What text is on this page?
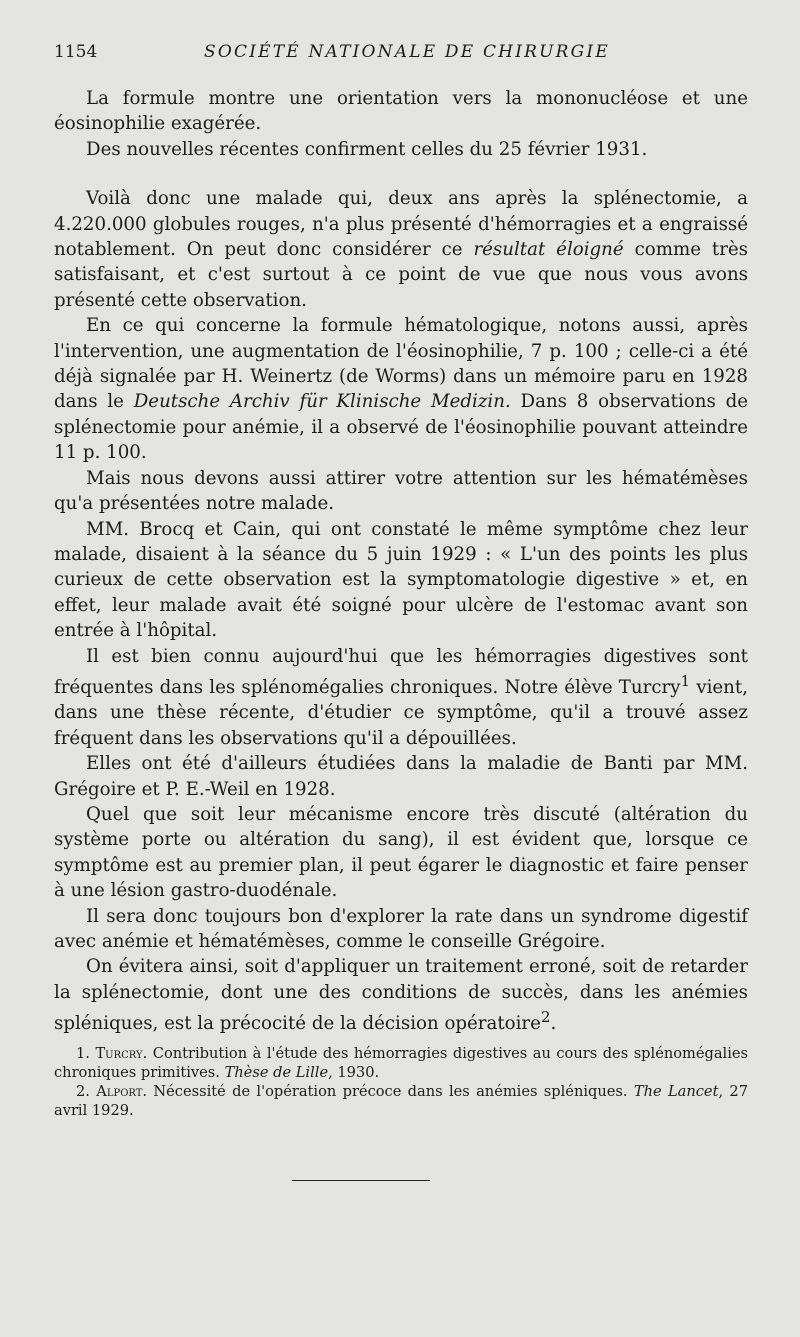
1154	SOCIÉTÉ NATIONALE DE CHIRURGIE

La formule montre une orientation vers la mononucléose et une éosinophilie exagérée.

Des nouvelles récentes confirment celles du 25 février 1931.

Voilà donc une malade qui, deux ans après la splénectomie, a 4.220.000 globules rouges, n'a plus présenté d'hémorragies et a engraissé notablement. On peut donc considérer ce résultat éloigné comme très satisfaisant, et c'est surtout à ce point de vue que nous vous avons présenté cette observation.

En ce qui concerne la formule hématologique, notons aussi, après l'intervention, une augmentation de l'éosinophilie, 7 p. 100 ; celle-ci a été déjà signalée par H. Weinertz (de Worms) dans un mémoire paru en 1928 dans le Deutsche Archiv für Klinische Medizin. Dans 8 observations de splénectomie pour anémie, il a observé de l'éosinophilie pouvant atteindre 11 p. 100.

Mais nous devons aussi attirer votre attention sur les hématémèses qu'a présentées notre malade.

MM. Brocq et Cain, qui ont constaté le même symptôme chez leur malade, disaient à la séance du 5 juin 1929 : « L'un des points les plus curieux de cette observation est la symptomatologie digestive » et, en effet, leur malade avait été soigné pour ulcère de l'estomac avant son entrée à l'hôpital.

Il est bien connu aujourd'hui que les hémorragies digestives sont fréquentes dans les splénomégalies chroniques. Notre élève Turcry$^1$ vient, dans une thèse récente, d'étudier ce symptôme, qu'il a trouvé assez fréquent dans les observations qu'il a dépouillées.

Elles ont été d'ailleurs étudiées dans la maladie de Banti par MM. Grégoire et P. E.-Weil en 1928.

Quel que soit leur mécanisme encore très discuté (altération du système porte ou altération du sang), il est évident que, lorsque ce symptôme est au premier plan, il peut égarer le diagnostic et faire penser à une lésion gastro-duodénale.

Il sera donc toujours bon d'explorer la rate dans un syndrome digestif avec anémie et hématémèses, comme le conseille Grégoire.

On évitera ainsi, soit d'appliquer un traitement erroné, soit de retarder la splénectomie, dont une des conditions de succès, dans les anémies spléniques, est la précocité de la décision opératoire$^2$.

1. Turcry. Contribution à l'étude des hémorragies digestives au cours des splénomégalies chroniques primitives. Thèse de Lille, 1930.

2. Alport. Nécessité de l'opération précoce dans les anémies spléniques. The Lancet, 27 avril 1929.
